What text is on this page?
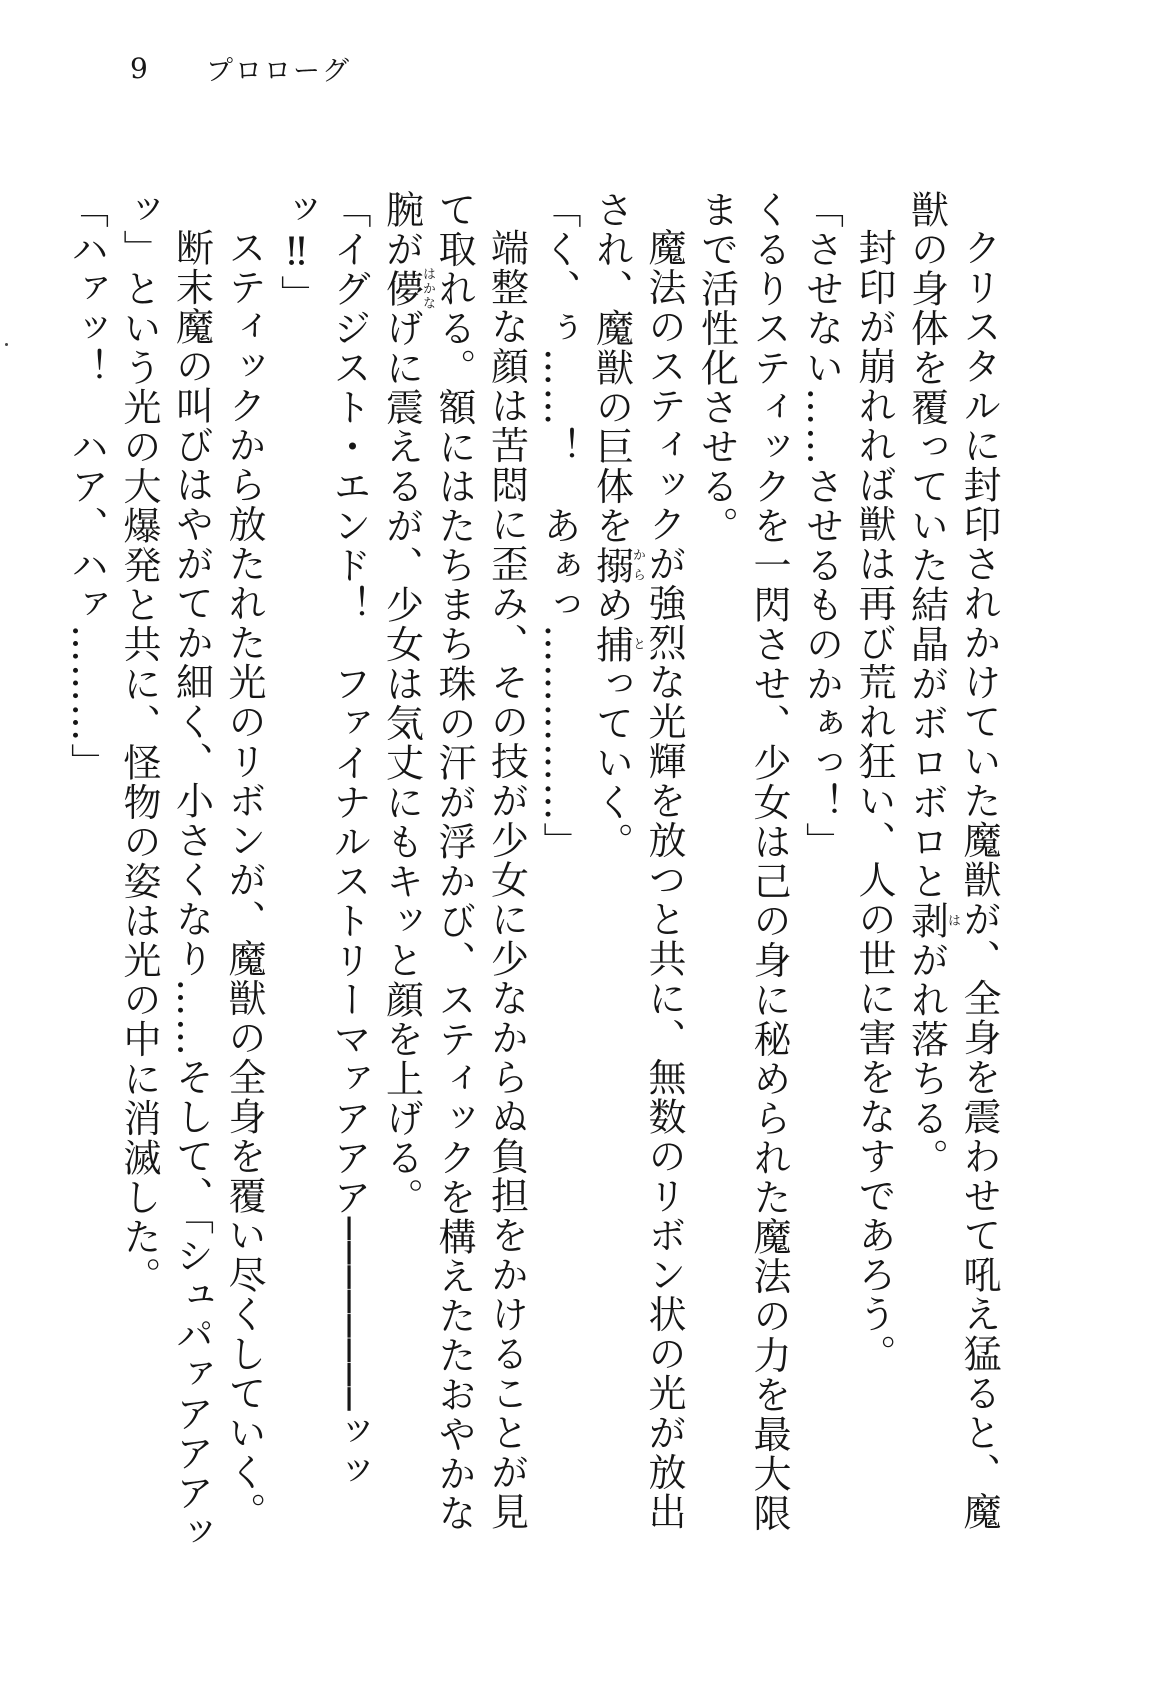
9	プロローグ

クリスタルに封印されかけていた魔獣が、全身を震わせて吼え猛ると、魔獣の身体を覆っていた結晶がボロボロと剥はがれ落ちる。

封印が崩れれば獣は再び荒れ狂い、人の世に害をなすであろう。

「させない……させるものかぁっ！」

くるりスティックを一閃させ、少女は己の身に秘められた魔法の力を最大限まで活性化させる。

魔法のスティックが強烈な光輝を放つと共に、無数のリボン状の光が放出され、魔獣の巨体を搦からめ捕とっていく。

「く、ぅ……！　あぁっ……………」

端整な顔は苦悶に歪み、その技が少女に少なからぬ負担をかけることが見て取れる。額にはたちまち珠の汗が浮かび、スティックを構えたたおやかな腕が儚はかなげに震えるが、少女は気丈にもキッと顔を上げる。

「イグジスト・エンド！　ファイナルストリーマァアアア────────ッッッ‼」

スティックから放たれた光のリボンが、魔獣の全身を覆い尽くしていく。

断末魔の叫びはやがてか細く、小さくなり……そして、「シュパァアアアッッ」という光の大爆発と共に、怪物の姿は光の中に消滅した。

「ハァッ！　ハア、ハァ………」
